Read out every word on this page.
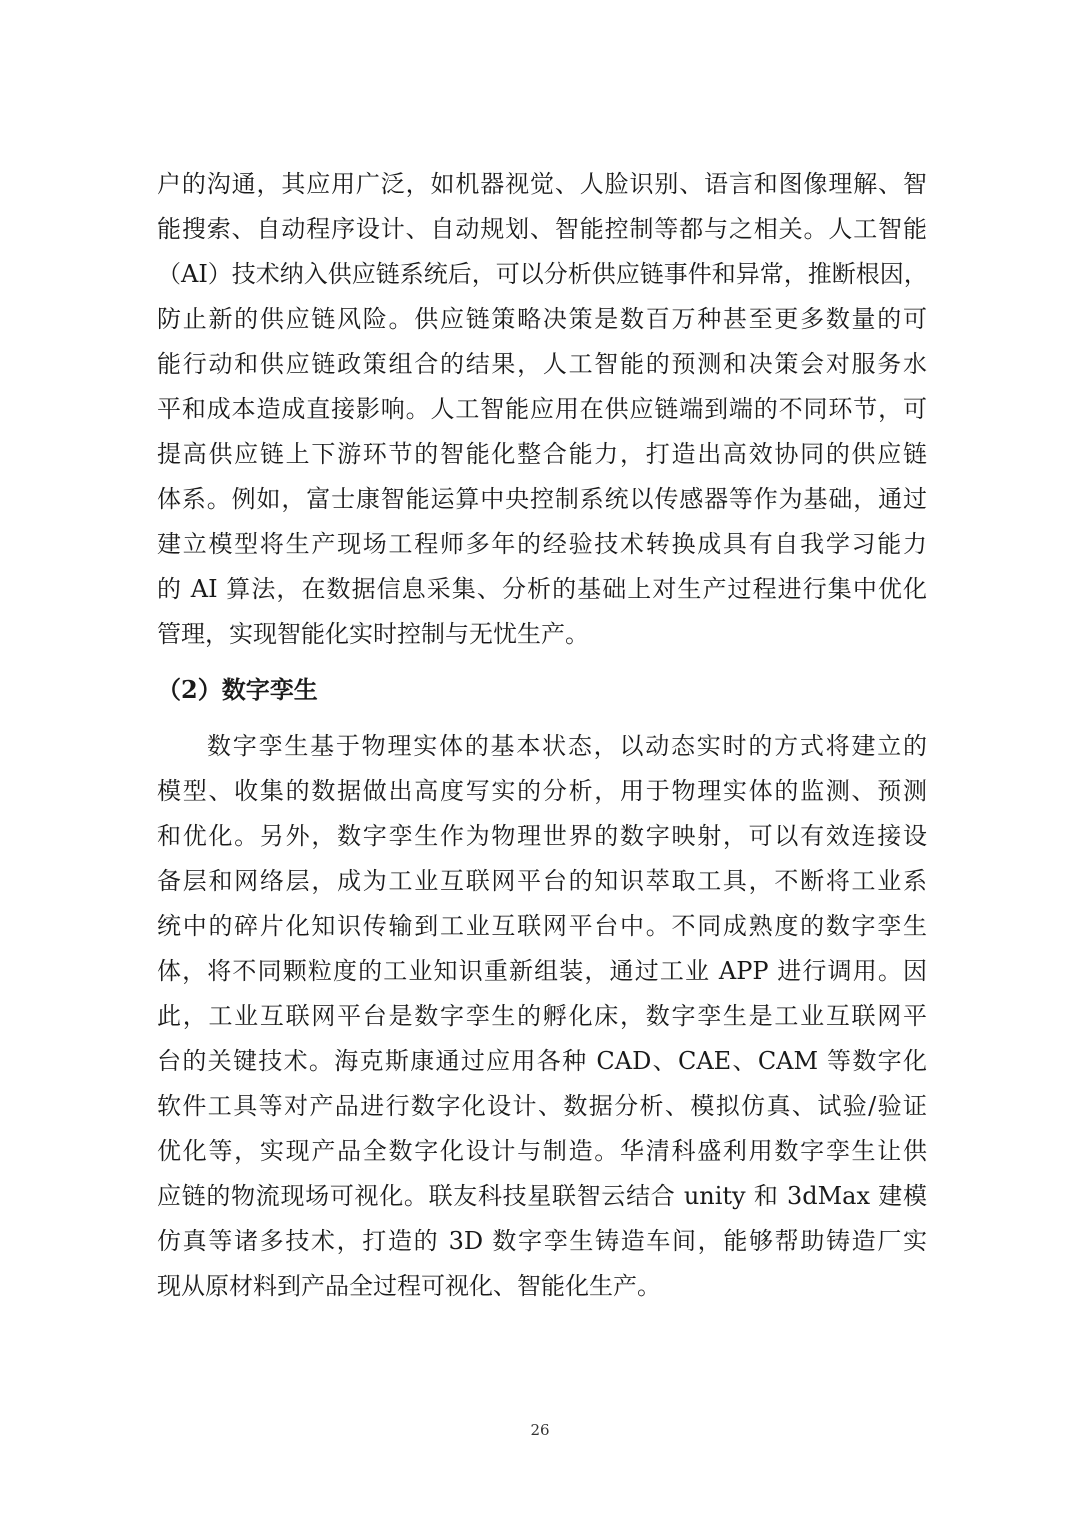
户的沟通，其应用广泛，如机器视觉、人脸识别、语言和图像理解、智
能搜索、自动程序设计、自动规划、智能控制等都与之相关。人工智能
（AI）技术纳入供应链系统后，可以分析供应链事件和异常，推断根因，
防止新的供应链风险。供应链策略决策是数百万种甚至更多数量的可
能行动和供应链政策组合的结果，人工智能的预测和决策会对服务水
平和成本造成直接影响。人工智能应用在供应链端到端的不同环节，可
提高供应链上下游环节的智能化整合能力，打造出高效协同的供应链
体系。例如，富士康智能运算中央控制系统以传感器等作为基础，通过
建立模型将生产现场工程师多年的经验技术转换成具有自我学习能力
的 AI 算法，在数据信息采集、分析的基础上对生产过程进行集中优化
管理，实现智能化实时控制与无忧生产。
（2）数字孪生
数字孪生基于物理实体的基本状态，以动态实时的方式将建立的
模型、收集的数据做出高度写实的分析，用于物理实体的监测、预测
和优化。另外，数字孪生作为物理世界的数字映射，可以有效连接设
备层和网络层，成为工业互联网平台的知识萃取工具，不断将工业系
统中的碎片化知识传输到工业互联网平台中。不同成熟度的数字孪生
体，将不同颗粒度的工业知识重新组装，通过工业 APP 进行调用。因
此，工业互联网平台是数字孪生的孵化床，数字孪生是工业互联网平
台的关键技术。海克斯康通过应用各种 CAD、CAE、CAM 等数字化
软件工具等对产品进行数字化设计、数据分析、模拟仿真、试验/验证
优化等，实现产品全数字化设计与制造。华清科盛利用数字孪生让供
应链的物流现场可视化。联友科技星联智云结合 unity 和 3dMax 建模
仿真等诸多技术，打造的 3D 数字孪生铸造车间，能够帮助铸造厂实
现从原材料到产品全过程可视化、智能化生产。
26
